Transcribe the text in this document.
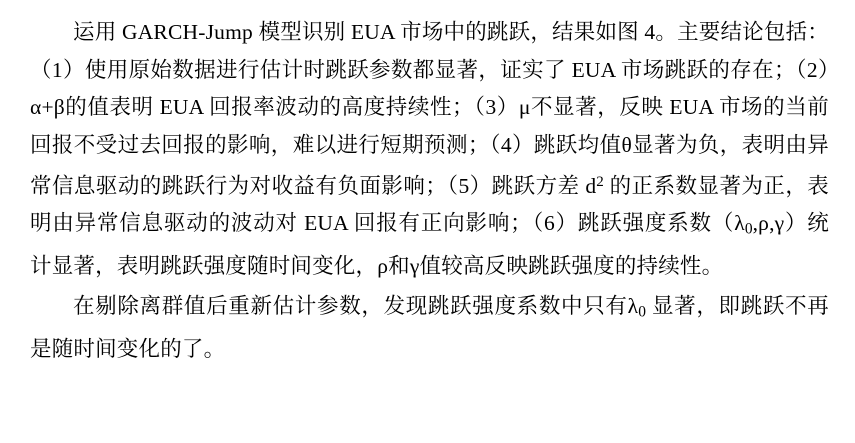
运用 GARCH-Jump 模型识别 EUA 市场中的跳跃，结果如图 4。主要结论包括：（1）使用原始数据进行估计时跳跃参数都显著，证实了 EUA 市场跳跃的存在；（2）α+β的值表明 EUA 回报率波动的高度持续性；（3）μ不显著，反映 EUA 市场的当前回报不受过去回报的影响，难以进行短期预测；（4）跳跃均值θ显著为负，表明由异常信息驱动的跳跃行为对收益有负面影响；（5）跳跃方差 $d^2$ 的正系数显著为正，表明由异常信息驱动的波动对 EUA 回报有正向影响；（6）跳跃强度系数$(\lambda_0,\rho,\gamma)$统计显著，表明跳跃强度随时间变化，ρ和γ值较高反映跳跃强度的持续性。

在剔除离群值后重新估计参数，发现跳跃强度系数中只有$\lambda_0$ 显著，即跳跃不再是随时间变化的了。
